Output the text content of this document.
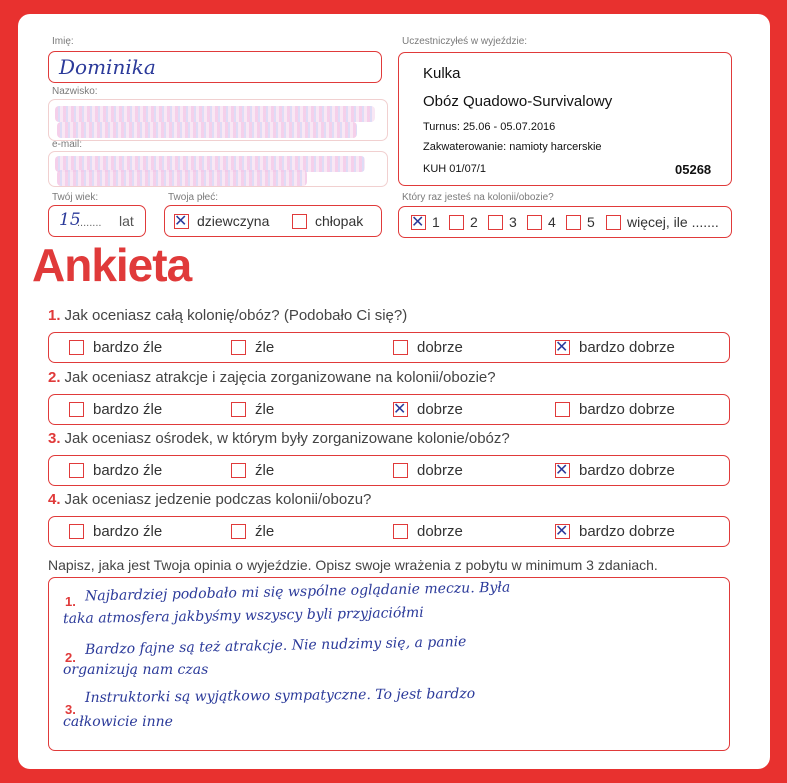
Imię:
Dominika
Nazwisko:
e-mail:
Twój wiek:
15
........ lat
Twoja płeć:
✕ dziewczyna	chłopak
Uczestniczyłeś w wyjeździe:
Kulka
Obóz Quadowo-Survivalowy
Turnus: 25.06 - 05.07.2016
Zakwaterowanie: namioty harcerskie
KUH 01/07/1	05268
Który raz jesteś na kolonii/obozie?
✕ 1 2 3 4 5 więcej, ile .......
Ankieta
1. Jak oceniasz całą kolonię/obóz? (Podobało Ci się?)
bardzo źle	źle	dobrze	✕ bardzo dobrze
2. Jak oceniasz atrakcje i zajęcia zorganizowane na kolonii/obozie?
bardzo źle	źle	✕ dobrze	bardzo dobrze
3. Jak oceniasz ośrodek, w którym były zorganizowane kolonie/obóz?
bardzo źle	źle	dobrze	✕ bardzo dobrze
4. Jak oceniasz jedzenie podczas kolonii/obozu?
bardzo źle	źle	dobrze	✕ bardzo dobrze
Napisz, jaka jest Twoja opinia o wyjeździe. Opisz swoje wrażenia z pobytu w minimum 3 zdaniach.
1. Najbardziej podobało mi się wspólne oglądanie meczu. Była
taka atmosfera jakbyśmy wszyscy byli przyjaciółmi
2. Bardzo fajne są też atrakcje. Nie nudzimy się, a panie
organizują nam czas
3.
Instruktorki są wyjątkowo sympatyczne. To jest bardzo
całkowicie inne
